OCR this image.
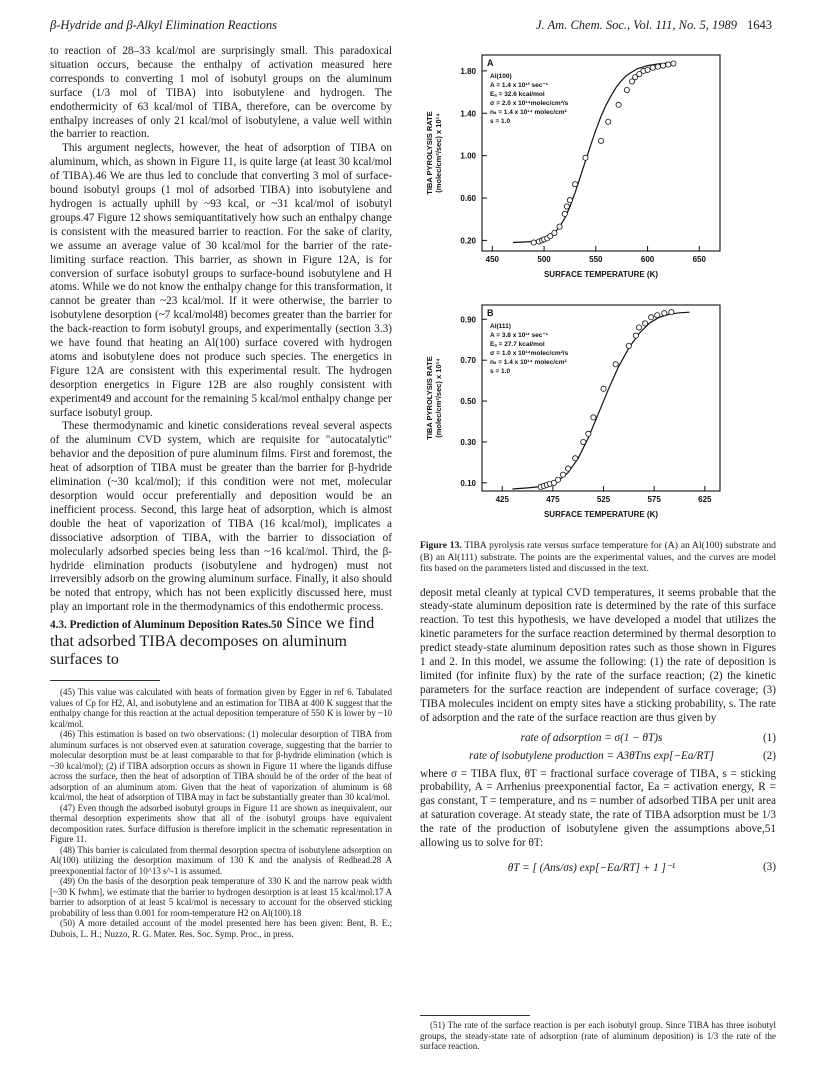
β-Hydride and β-Alkyl Elimination Reactions	J. Am. Chem. Soc., Vol. 111, No. 5, 1989 1643

to reaction of 28–33 kcal/mol are surprisingly small. This paradoxical situation occurs, because the enthalpy of activation measured here corresponds to converting 1 mol of isobutyl groups on the aluminum surface (1/3 mol of TIBA) into isobutylene and hydrogen. The endothermicity of 63 kcal/mol of TIBA, therefore, can be overcome by enthalpy increases of only 21 kcal/mol of isobutylene, a value well within the barrier to reaction.

This argument neglects, however, the heat of adsorption of TIBA on aluminum, which, as shown in Figure 11, is quite large (at least 30 kcal/mol of TIBA).46 We are thus led to conclude that converting 3 mol of surface-bound isobutyl groups (1 mol of adsorbed TIBA) into isobutylene and hydrogen is actually uphill by ~93 kcal, or ~31 kcal/mol of isobutyl groups.47 Figure 12 shows semiquantitatively how such an enthalpy change is consistent with the measured barrier to reaction. For the sake of clarity, we assume an average value of 30 kcal/mol for the barrier of the rate-limiting surface reaction. This barrier, as shown in Figure 12A, is for conversion of surface isobutyl groups to surface-bound isobutylene and H atoms. While we do not know the enthalpy change for this transformation, it cannot be greater than ~23 kcal/mol. If it were otherwise, the barrier to isobutylene desorption (~7 kcal/mol48) becomes greater than the barrier for the back-reaction to form isobutyl groups, and experimentally (section 3.3) we have found that heating an Al(100) surface covered with hydrogen atoms and isobutylene does not produce such species. The energetics in Figure 12A are consistent with this experimental result. The hydrogen desorption energetics in Figure 12B are also roughly consistent with experiment49 and account for the remaining 5 kcal/mol enthalpy change per surface isobutyl group.

These thermodynamic and kinetic considerations reveal several aspects of the aluminum CVD system, which are requisite for "autocatalytic" behavior and the deposition of pure aluminum films. First and foremost, the heat of adsorption of TIBA must be greater than the barrier for β-hydride elimination (~30 kcal/mol); if this condition were not met, molecular desorption would occur preferentially and deposition would be an inefficient process. Second, this large heat of adsorption, which is almost double the heat of vaporization of TIBA (16 kcal/mol), implicates a dissociative adsorption of TIBA, with the barrier to dissociation of molecularly adsorbed species being less than ~16 kcal/mol. Third, the β-hydride elimination products (isobutylene and hydrogen) must not irreversibly adsorb on the growing aluminum surface. Finally, it also should be noted that entropy, which has not been explicitly discussed here, must play an important role in the thermodynamics of this endothermic process.

4.3. Prediction of Aluminum Deposition Rates.50 Since we find that adsorbed TIBA decomposes on aluminum surfaces to

(45) This value was calculated with heats of formation given by Egger in ref 6. Tabulated values of Cp for H2, Al, and isobutylene and an estimation for TIBA at 400 K suggest that the enthalpy change for this reaction at the actual deposition temperature of 550 K is lower by ~10 kcal/mol.

(46) This estimation is based on two observations: (1) molecular desorption of TIBA from aluminum surfaces is not observed even at saturation coverage, suggesting that the barrier to molecular desorption must be at least comparable to that for β-hydride elimination (which is ~30 kcal/mol); (2) if TIBA adsorption occurs as shown in Figure 11 where the ligands diffuse across the surface, then the heat of adsorption of TIBA should be of the order of the heat of adsorption of an aluminum atom. Given that the heat of vaporization of aluminum is 68 kcal/mol, the heat of adsorption of TIBA may in fact be substantially greater than 30 kcal/mol.

(47) Even though the adsorbed isobutyl groups in Figure 11 are shown as inequivalent, our thermal desorption experiments show that all of the isobutyl groups have equivalent decomposition rates. Surface diffusion is therefore implicit in the schematic representation in Figure 11.

(48) This barrier is calculated from thermal desorption spectra of isobutylene adsorption on Al(100) utilizing the desorption maximum of 130 K and the analysis of Redhead.28 A preexponential factor of 10^13 s^-1 is assumed.

(49) On the basis of the desorption peak temperature of 330 K and the narrow peak width [~30 K fwhm], we estimate that the barrier to hydrogen desorption is at least 15 kcal/mol.17 A barrier to adsorption of at least 5 kcal/mol is necessary to account for the observed sticking probability of less than 0.001 for room-temperature H2 on Al(100).18

(50) A more detailed account of the model presented here has been given: Bent, B. E.; Dubois, L. H.; Nuzzo, R. G. Mater. Res. Soc. Symp. Proc., in press.

A
0.20
0.60
1.00
1.40
1.80
450	500	550	600	650
SURFACE TEMPERATURE (K)
TIBA PYROLYSIS RATE (molec/cm²/sec) x 10¹⁴
Al(100)
A = 1.4 x 10¹³ sec⁻¹
Eₐ = 32.6 kcal/mol
σ = 2.0 x 10¹⁴molec/cm²/s
nₛ = 1.4 x 10¹⁴ molec/cm²
s = 1.0

B
0.10
0.30
0.50
0.70
0.90
425	475	525	575	625
SURFACE TEMPERATURE (K)
TIBA PYROLYSIS RATE (molec/cm²/sec) x 10¹⁴
Al(111)
A = 3.8 x 10¹¹ sec⁻¹
Eₐ = 27.7 kcal/mol
σ = 1.0 x 10¹⁴molec/cm²/s
nₛ = 1.4 x 10¹⁴ molec/cm²
s = 1.0

Figure 13. TIBA pyrolysis rate versus surface temperature for (A) an Al(100) substrate and (B) an Al(111) substrate. The points are the experimental values, and the curves are model fits based on the parameters listed and discussed in the text.

deposit metal cleanly at typical CVD temperatures, it seems probable that the steady-state aluminum deposition rate is determined by the rate of this surface reaction. To test this hypothesis, we have developed a model that utilizes the kinetic parameters for the surface reaction determined by thermal desorption to predict steady-state aluminum deposition rates such as those shown in Figures 1 and 2. In this model, we assume the following: (1) the rate of deposition is limited (for infinite flux) by the rate of the surface reaction; (2) the kinetic parameters for the surface reaction are independent of surface coverage; (3) TIBA molecules incident on empty sites have a sticking probability, s. The rate of adsorption and the rate of the surface reaction are thus given by

rate of adsorption = σ(1 − θT)s	(1)
rate of isobutylene production = A3θTns exp[−Ea/RT]	(2)

where σ = TIBA flux, θT = fractional surface coverage of TIBA, s = sticking probability, A = Arrhenius preexponential factor, Ea = activation energy, R = gas constant, T = temperature, and ns = number of adsorbed TIBA per unit area at saturation coverage. At steady state, the rate of TIBA adsorption must be 1/3 the rate of the production of isobutylene given the assumptions above,51 allowing us to solve for θT:

θT = [ (Ans/σs) exp[−Ea/RT] + 1 ]⁻¹	(3)

(51) The rate of the surface reaction is per each isobutyl group. Since TIBA has three isobutyl groups, the steady-state rate of adsorption (rate of aluminum deposition) is 1/3 the rate of the surface reaction.
